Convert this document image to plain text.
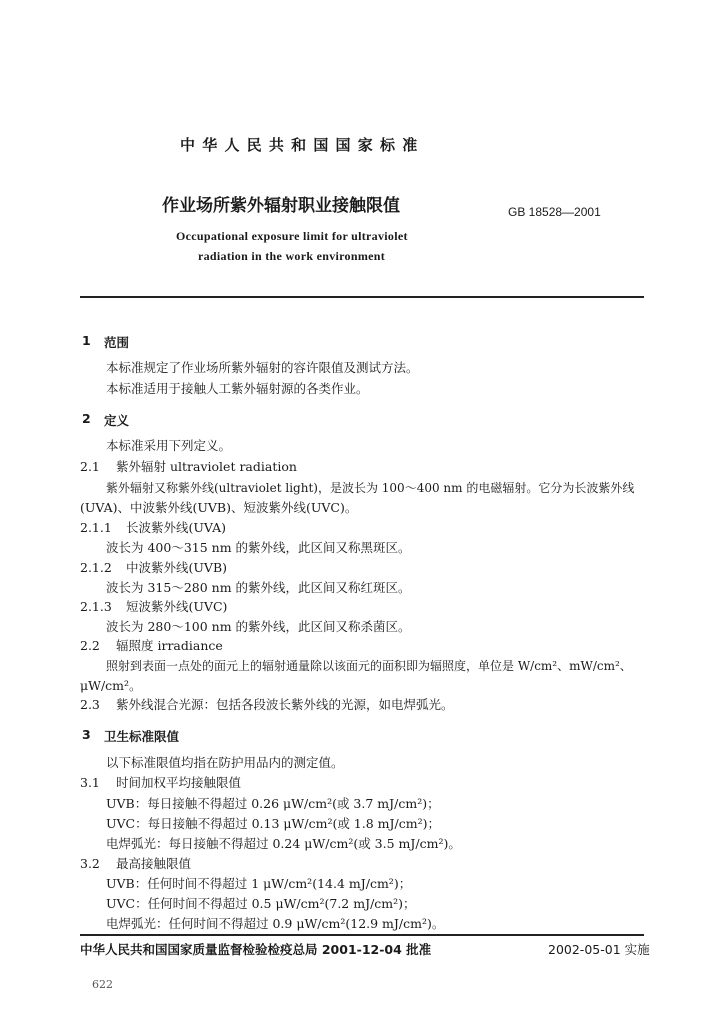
中 华 人 民 共 和 国 国 家 标 准
作业场所紫外辐射职业接触限值	GB 18528—2001
Occupational exposure limit for ultraviolet
radiation in the work environment
1 范围
本标准规定了作业场所紫外辐射的容许限值及测试方法。
本标准适用于接触人工紫外辐射源的各类作业。
2 定义
本标准采用下列定义。
2.1 紫外辐射 ultraviolet radiation
紫外辐射又称紫外线(ultraviolet light)，是波长为 100～400 nm 的电磁辐射。它分为长波紫外线
(UVA)、中波紫外线(UVB)、短波紫外线(UVC)。
2.1.1 长波紫外线(UVA)
波长为 400～315 nm 的紫外线，此区间又称黑斑区。
2.1.2 中波紫外线(UVB)
波长为 315～280 nm 的紫外线，此区间又称红斑区。
2.1.3 短波紫外线(UVC)
波长为 280～100 nm 的紫外线，此区间又称杀菌区。
2.2 辐照度 irradiance
照射到表面一点处的面元上的辐射通量除以该面元的面积即为辐照度，单位是 W/cm²、mW/cm²、
μW/cm²。
2.3 紫外线混合光源：包括各段波长紫外线的光源，如电焊弧光。
3 卫生标准限值
以下标准限值均指在防护用品内的测定值。
3.1 时间加权平均接触限值
UVB：每日接触不得超过 0.26 μW/cm²(或 3.7 mJ/cm²)；
UVC：每日接触不得超过 0.13 μW/cm²(或 1.8 mJ/cm²)；
电焊弧光：每日接触不得超过 0.24 μW/cm²(或 3.5 mJ/cm²)。
3.2 最高接触限值
UVB：任何时间不得超过 1 μW/cm²(14.4 mJ/cm²)；
UVC：任何时间不得超过 0.5 μW/cm²(7.2 mJ/cm²)；
电焊弧光：任何时间不得超过 0.9 μW/cm²(12.9 mJ/cm²)。
中华人民共和国国家质量监督检验检疫总局 2001-12-04 批准	2002-05-01 实施
622
